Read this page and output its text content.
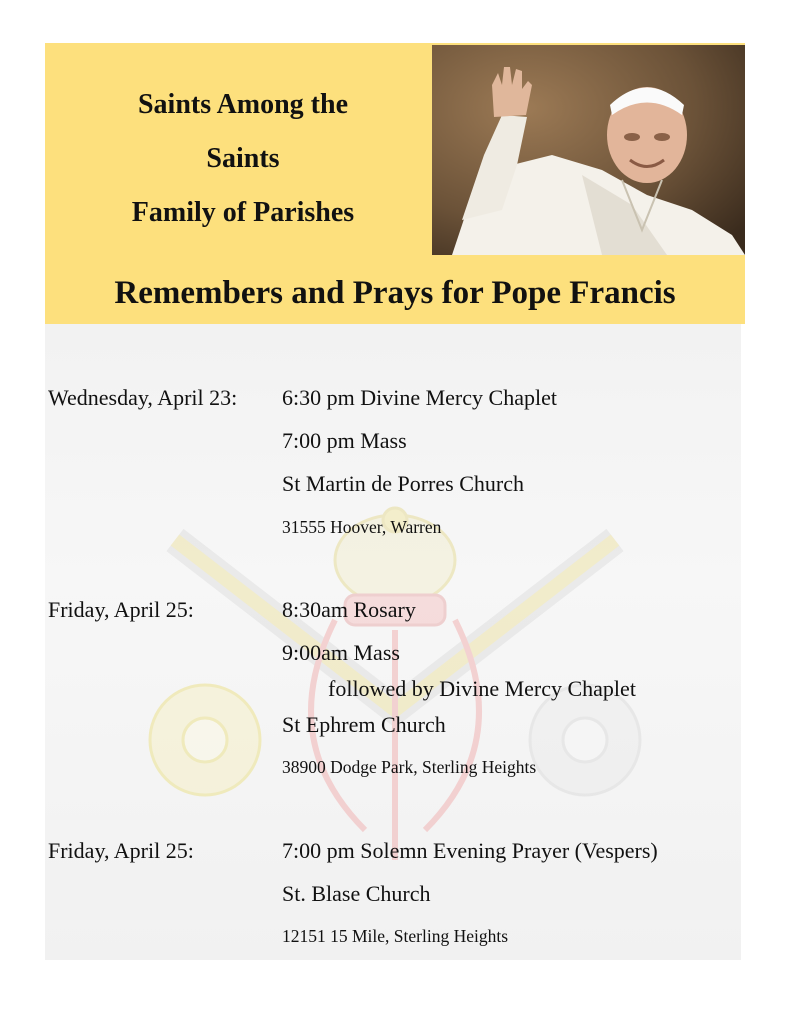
Saints Among the
Saints
Family of Parishes
Remembers and Prays for Pope Francis
Wednesday, April 23: 6:30 pm Divine Mercy Chaplet
7:00 pm Mass
St Martin de Porres Church
31555 Hoover, Warren
Friday, April 25:	8:30am Rosary
9:00am Mass
followed by Divine Mercy Chaplet
St Ephrem Church
38900 Dodge Park, Sterling Heights
Friday, April 25:	7:00 pm Solemn Evening Prayer (Vespers)
St. Blase Church
12151 15 Mile, Sterling Heights
